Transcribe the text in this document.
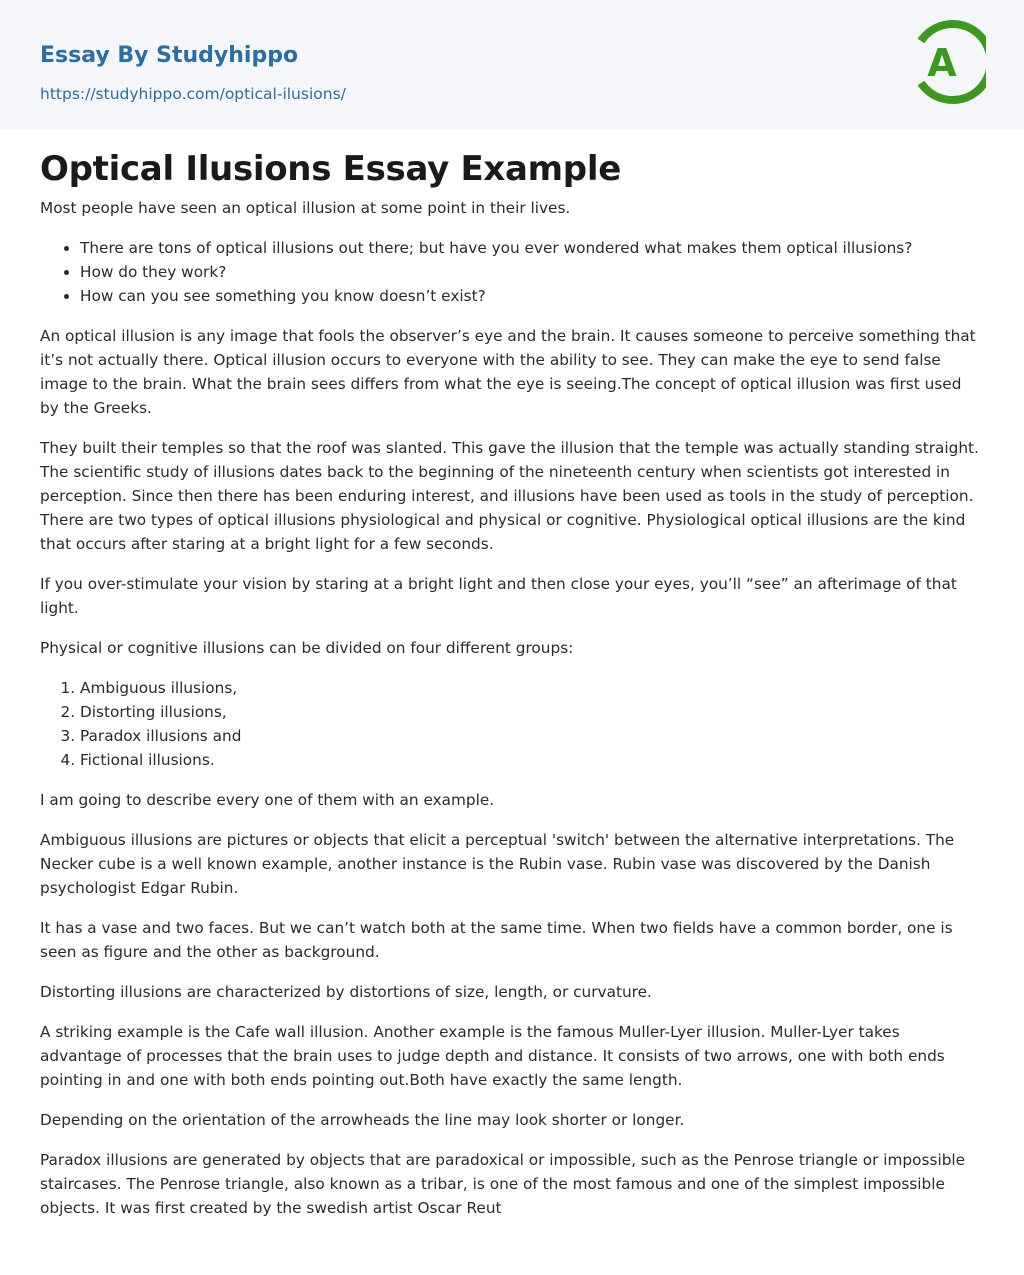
Essay By Studyhippo
https://studyhippo.com/optical-ilusions/
A
Optical Ilusions Essay Example

Most people have seen an optical illusion at some point in their lives.

• There are tons of optical illusions out there; but have you ever wondered what makes them optical illusions?
• How do they work?
• How can you see something you know doesn’t exist?

An optical illusion is any image that fools the observer’s eye and the brain. It causes someone to perceive something that it’s not actually there. Optical illusion occurs to everyone with the ability to see. They can make the eye to send false image to the brain. What the brain sees differs from what the eye is seeing.The concept of optical illusion was first used by the Greeks.

They built their temples so that the roof was slanted. This gave the illusion that the temple was actually standing straight. The scientific study of illusions dates back to the beginning of the nineteenth century when scientists got interested in perception. Since then there has been enduring interest, and illusions have been used as tools in the study of perception. There are two types of optical illusions physiological and physical or cognitive. Physiological optical illusions are the kind that occurs after staring at a bright light for a few seconds.

If you over-stimulate your vision by staring at a bright light and then close your eyes, you’ll “see” an afterimage of that light.

Physical or cognitive illusions can be divided on four different groups:

1. Ambiguous illusions,
2. Distorting illusions,
3. Paradox illusions and
4. Fictional illusions.

I am going to describe every one of them with an example.

Ambiguous illusions are pictures or objects that elicit a perceptual 'switch' between the alternative interpretations. The Necker cube is a well known example, another instance is the Rubin vase. Rubin vase was discovered by the Danish psychologist Edgar Rubin.

It has a vase and two faces. But we can’t watch both at the same time. When two fields have a common border, one is seen as figure and the other as background.

Distorting illusions are characterized by distortions of size, length, or curvature.

A striking example is the Cafe wall illusion. Another example is the famous Muller-Lyer illusion. Muller-Lyer takes advantage of processes that the brain uses to judge depth and distance. It consists of two arrows, one with both ends pointing in and one with both ends pointing out.Both have exactly the same length.

Depending on the orientation of the arrowheads the line may look shorter or longer.

Paradox illusions are generated by objects that are paradoxical or impossible, such as the Penrose triangle or impossible staircases. The Penrose triangle, also known as a tribar, is one of the most famous and one of the simplest impossible objects. It was first created by the swedish artist Oscar Reut
